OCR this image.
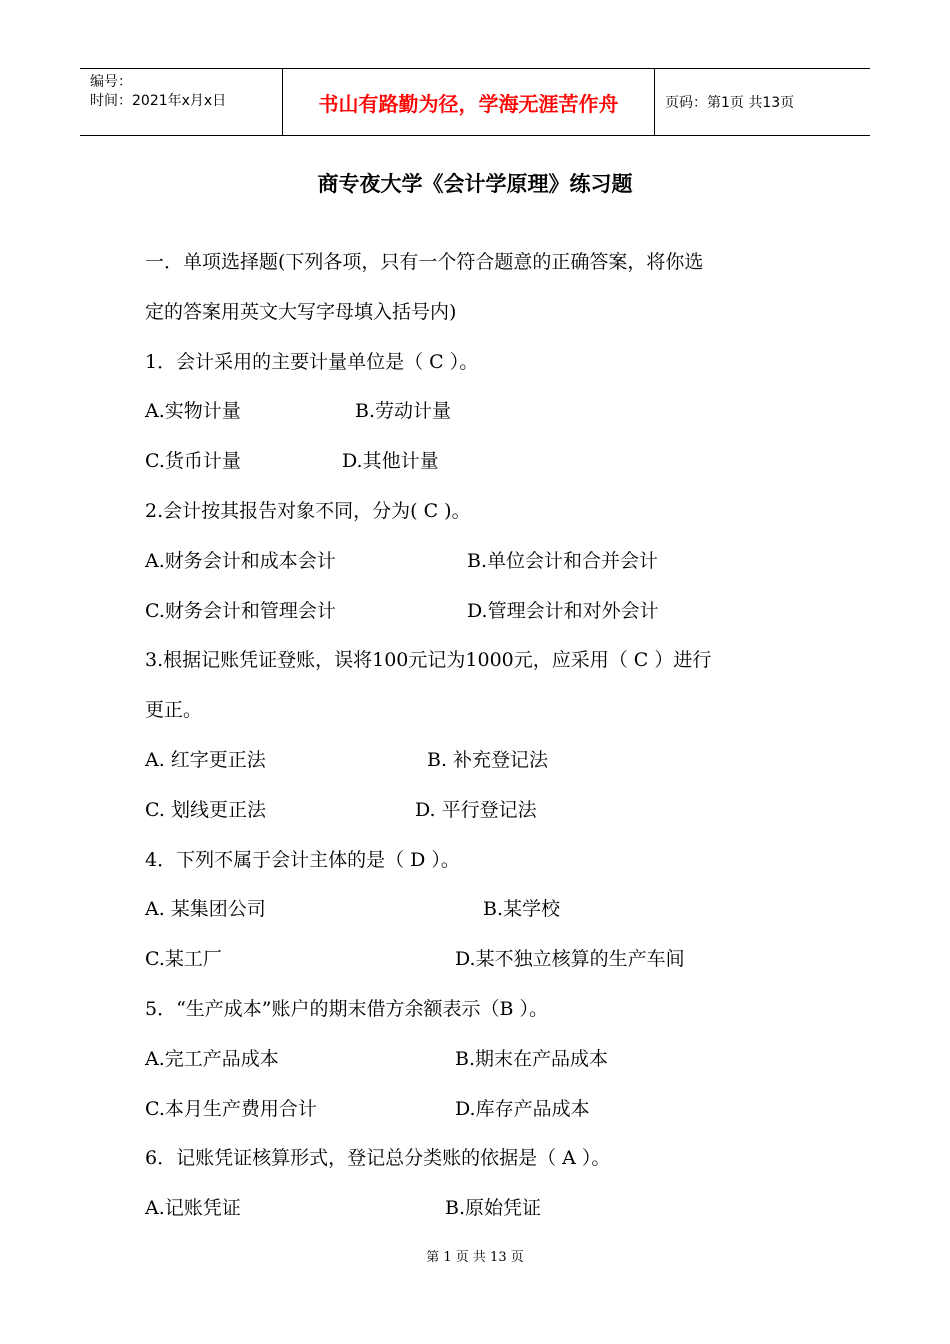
编号：
时间：2021年x月x日	书山有路勤为径，学海无涯苦作舟	页码：第1页 共13页
商专夜大学《会计学原理》练习题
一．单项选择题(下列各项，只有一个符合题意的正确答案，将你选
定的答案用英文大写字母填入括号内)
1．会计采用的主要计量单位是（ C ）。
A.实物计量	B.劳动计量
C.货币计量	D.其他计量
2.会计按其报告对象不同，分为( C )。
A.财务会计和成本会计	B.单位会计和合并会计
C.财务会计和管理会计	D.管理会计和对外会计
3.根据记账凭证登账，误将100元记为1000元，应采用（ C ）进行
更正。
A. 红字更正法	B. 补充登记法
C. 划线更正法	D. 平行登记法
4．下列不属于会计主体的是（ D ）。
A. 某集团公司	B.某学校
C.某工厂	D.某不独立核算的生产车间
5．“生产成本”账户的期末借方余额表示（B ）。
A.完工产品成本	B.期末在产品成本
C.本月生产费用合计	D.库存产品成本
6．记账凭证核算形式，登记总分类账的依据是（ A ）。
A.记账凭证	B.原始凭证
第 1 页 共 13 页
